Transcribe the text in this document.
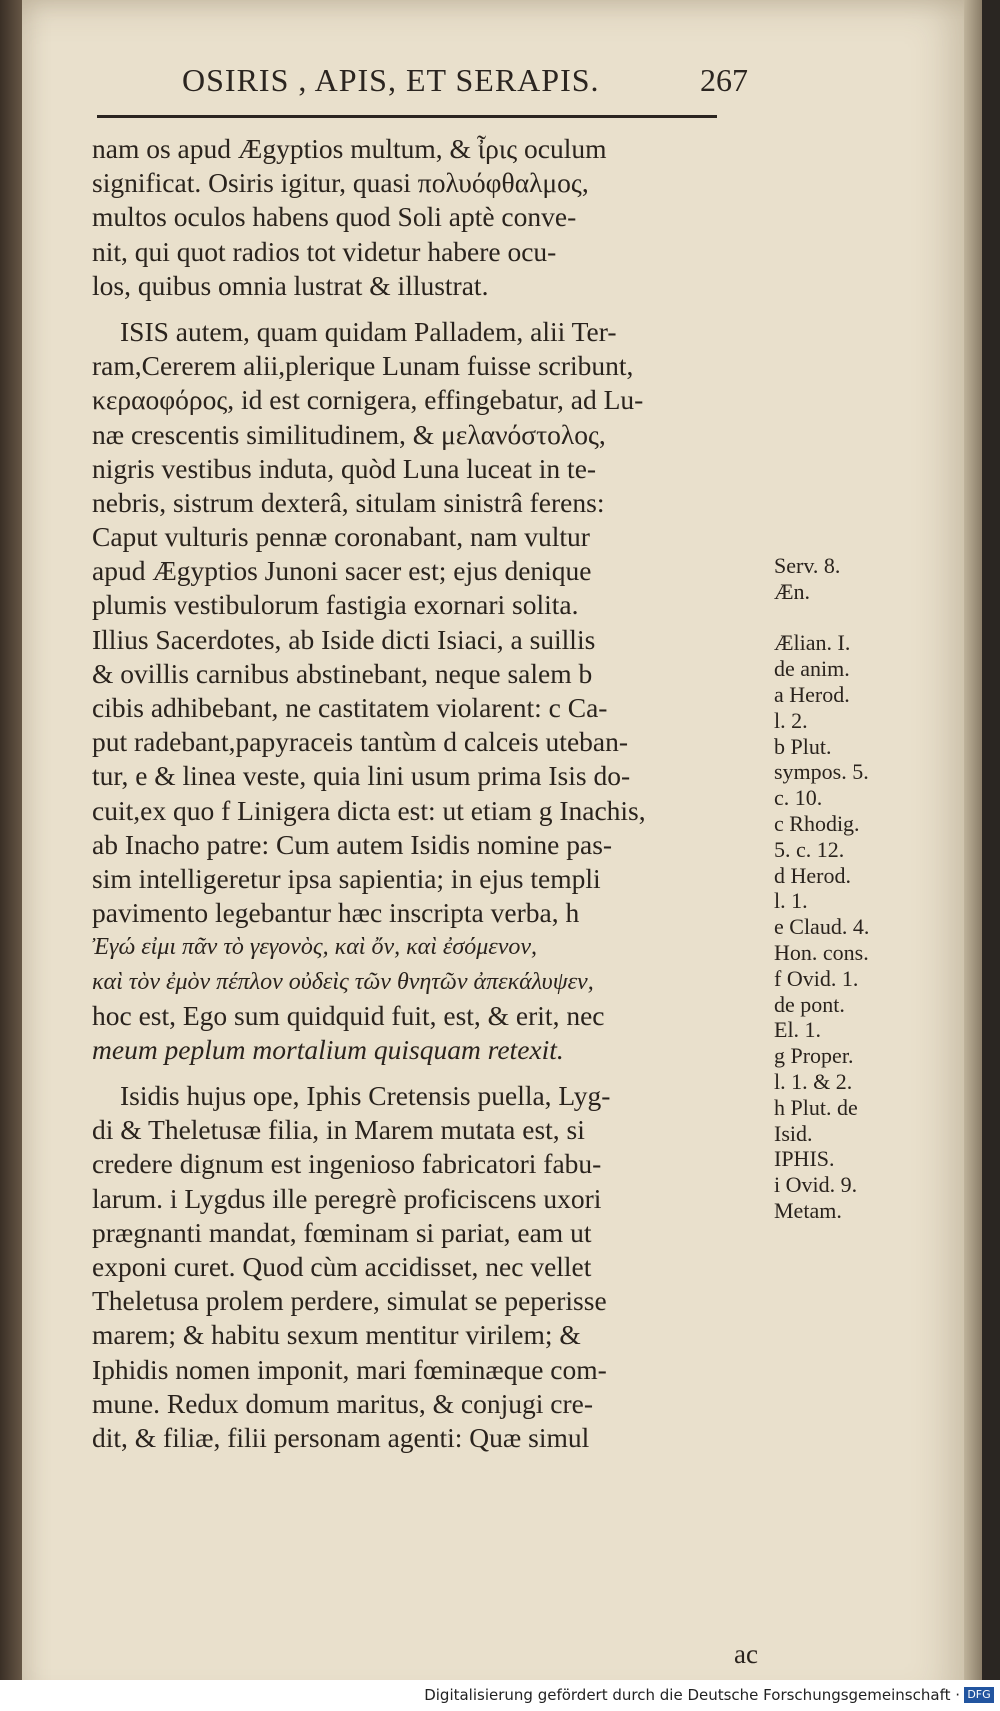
OSIRIS , APIS, ET SERAPIS.	267
nam os apud Ægyptios multum, & ἶρις oculum
significat. Osiris igitur, quasi πολυόφθαλμος,
multos oculos habens quod Soli aptè conve-
nit, qui quot radios tot videtur habere ocu-
los, quibus omnia lustrat & illustrat.
ISIS autem, quam quidam Palladem, alii Ter-
ram,Cererem alii,plerique Lunam fuisse scribunt,
κεραοφόρος, id est cornigera, effingebatur, ad Lu-
næ crescentis similitudinem, & μελανόστολος,
nigris vestibus induta, quòd Luna luceat in te-
nebris, sistrum dexterâ, situlam sinistrâ ferens:
Caput vulturis pennæ coronabant, nam vultur
apud Ægyptios Junoni sacer est; ejus denique
plumis vestibulorum fastigia exornari solita.
Illius Sacerdotes, ab Iside dicti Isiaci, a suillis
& ovillis carnibus abstinebant, neque salem b
cibis adhibebant, ne castitatem violarent: c Ca-
put radebant,papyraceis tantùm d calceis uteban-
tur, e & linea veste, quia lini usum prima Isis do-
cuit,ex quo f Linigera dicta est: ut etiam g Inachis,
ab Inacho patre: Cum autem Isidis nomine pas-
sim intelligeretur ipsa sapientia; in ejus templi
pavimento legebantur hæc inscripta verba, h
Ἐγώ εἰμι πᾶν τὸ γεγονὸς, καὶ ὄν, καὶ ἐσόμενον,
καὶ τὸν ἐμὸν πέπλον οὐδεὶς τῶν θνητῶν ἀπεκάλυψεν,
hoc est, Ego sum quidquid fuit, est, & erit, nec
meum peplum mortalium quisquam retexit.
Isidis hujus ope, Iphis Cretensis puella, Lyg-
di & Theletusæ filia, in Marem mutata est, si
credere dignum est ingenioso fabricatori fabu-
larum. i Lygdus ille peregrè proficiscens uxori
prægnanti mandat, fœminam si pariat, eam ut
exponi curet. Quod cùm accidisset, nec vellet
Theletusa prolem perdere, simulat se peperisse
marem; & habitu sexum mentitur virilem; &
Iphidis nomen imponit, mari fœminæque com-
mune. Redux domum maritus, & conjugi cre-
dit, & filiæ, filii personam agenti: Quæ simul
Serv. 8.
Æn.

Ælian. I.
de anim.
a Herod.
l. 2.
b Plut.
sympos. 5.
c. 10.
c Rhodig.
5. c. 12.
d Herod.
l. 1.
e Claud. 4.
Hon. cons.
f Ovid. 1.
de pont.
El. 1.
g Proper.
l. 1. & 2.
h Plut. de
Isid.
IPHIS.
i Ovid. 9.
Metam.
ac
Digitalisierung gefördert durch die Deutsche Forschungsgemeinschaft · DFG
